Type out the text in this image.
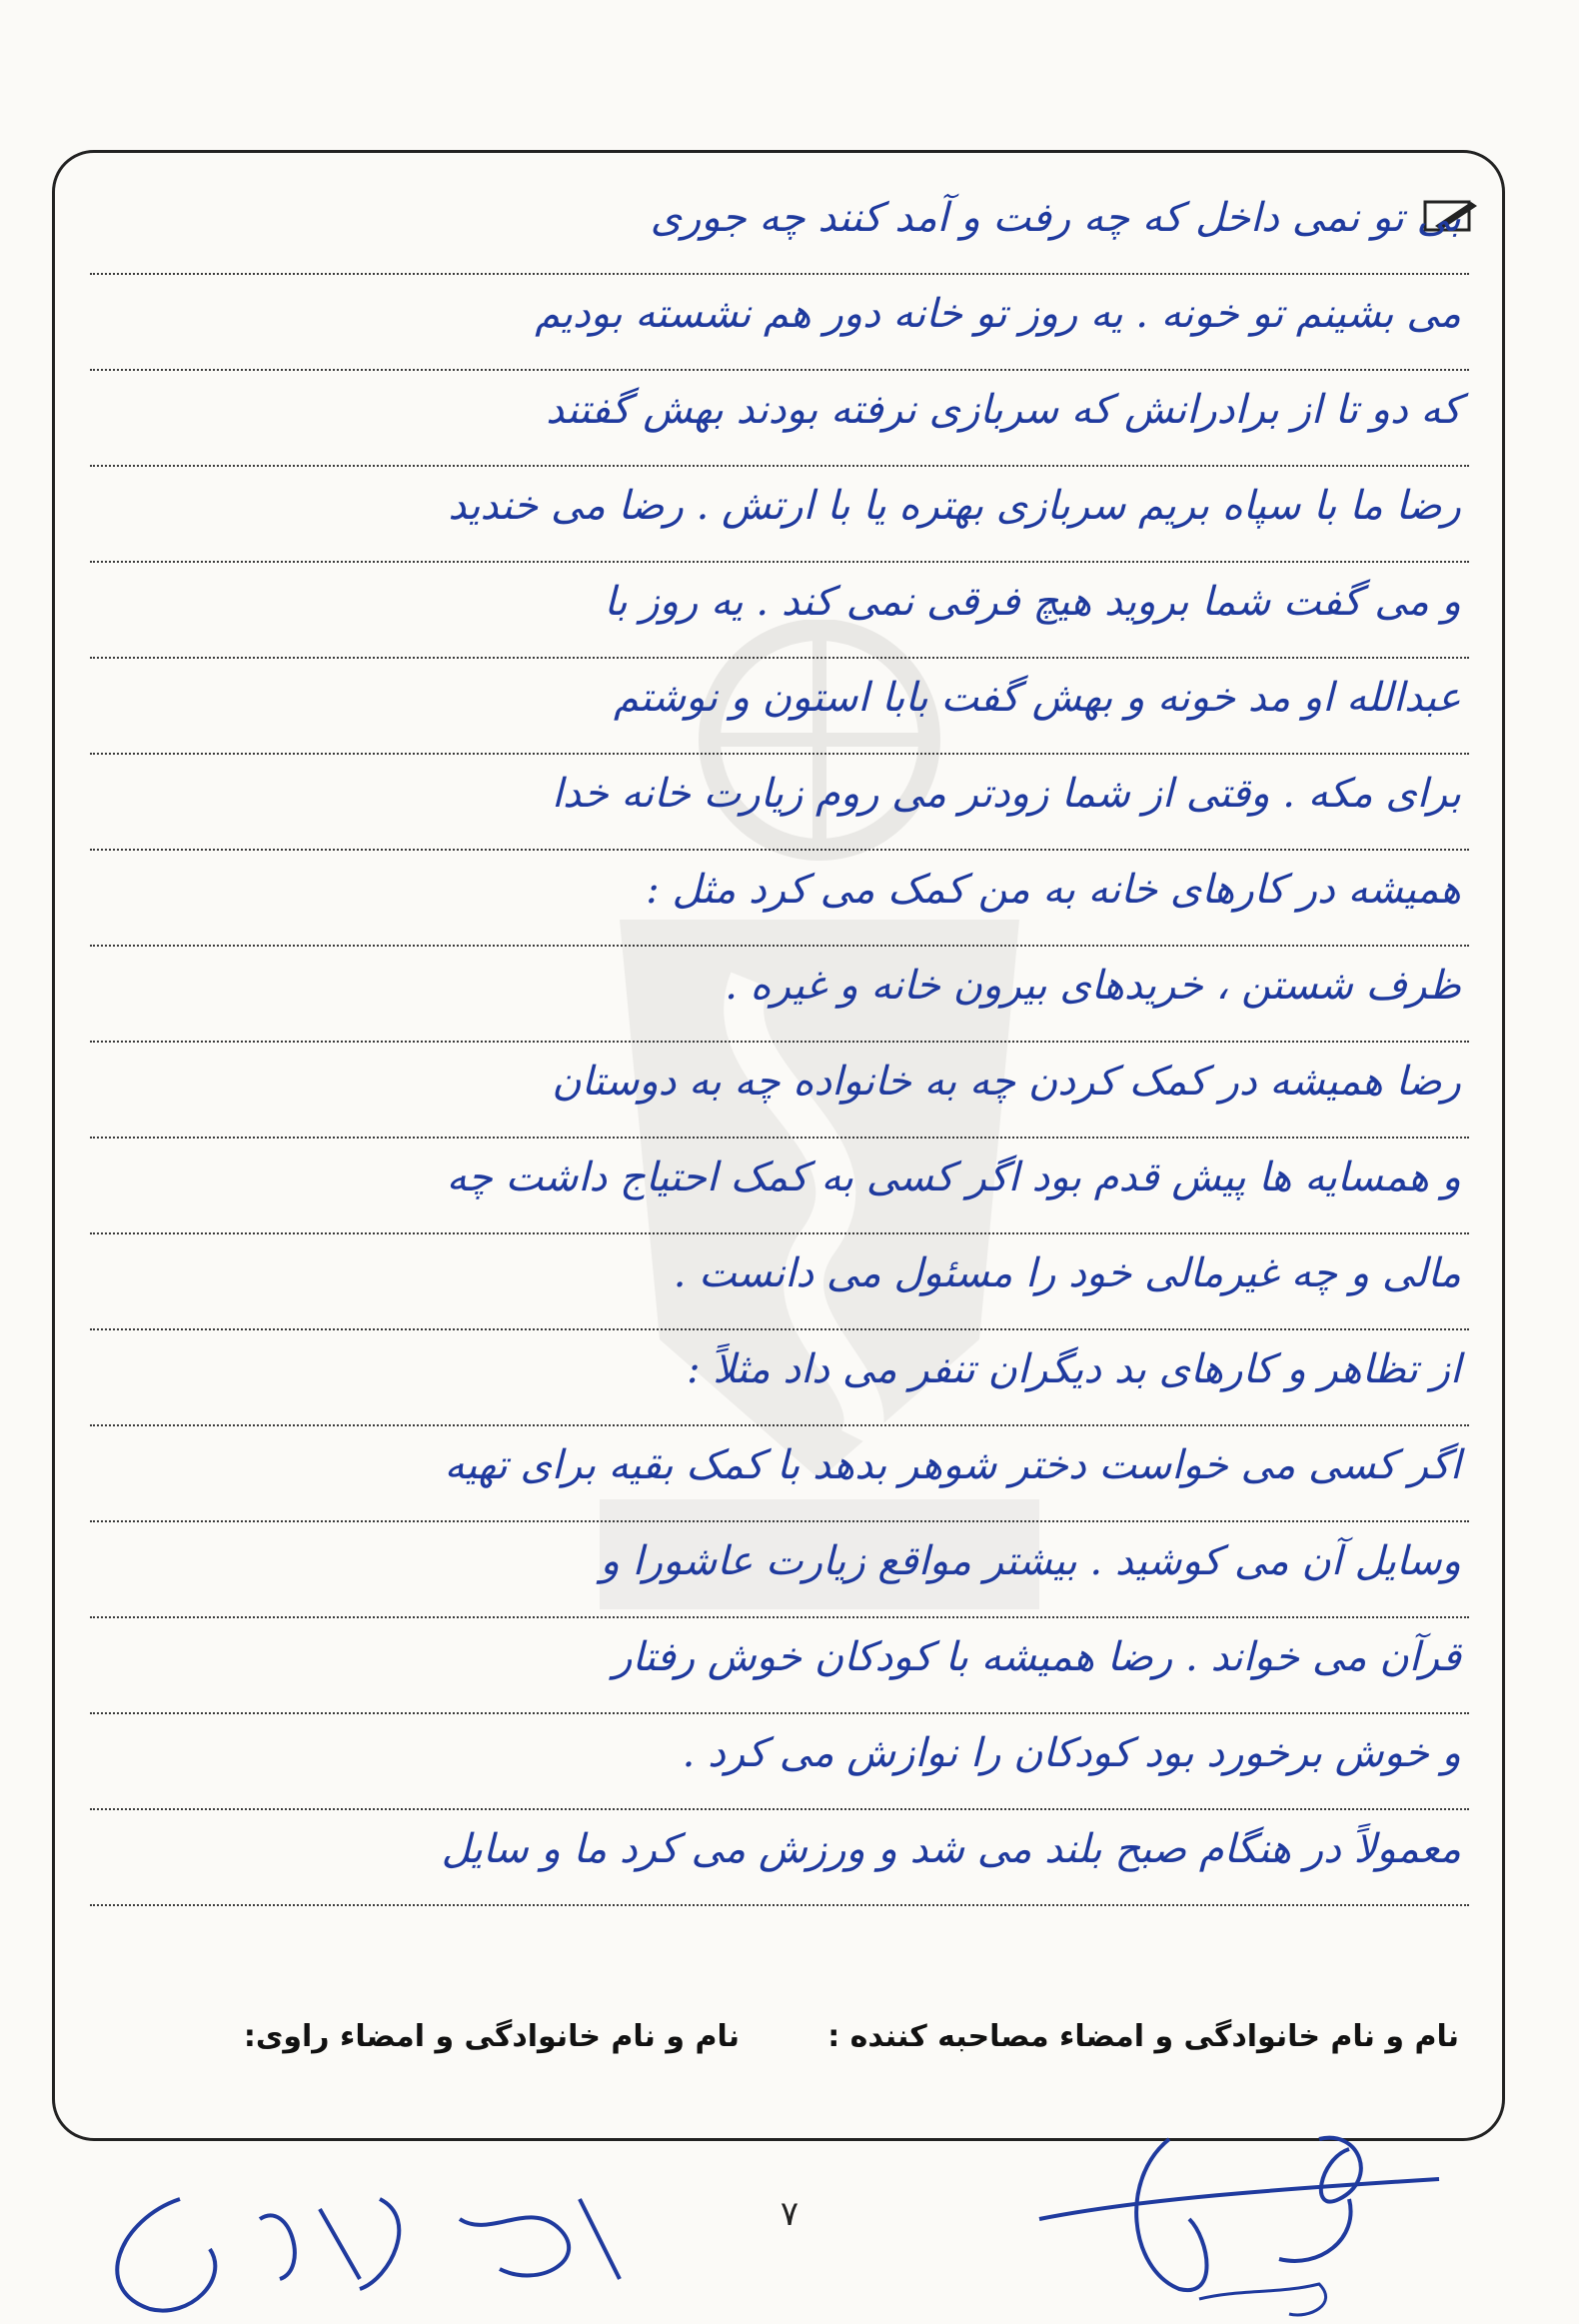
بی تو نمی داخل که چه رفت و آمد کنند چه جوری
می بشینم تو خونه . یه روز تو خانه دور هم نشسته بودیم
که دو تا از برادرانش که سربازی نرفته بودند بهش گفتند
رضا ما با سپاه بریم سربازی بهتره یا با ارتش . رضا می خندید
و می گفت شما بروید هیچ فرقی نمی کند . یه روز با
عبدالله او مد خونه و بهش گفت بابا استون و نوشتم
برای مکه . وقتی از شما زودتر می روم زیارت خانه خدا
همیشه در کارهای خانه به من کمک می کرد مثل :
ظرف شستن ، خریدهای بیرون خانه و غیره .
رضا همیشه در کمک کردن چه به خانواده چه به دوستان
و همسایه ها پیش قدم بود اگر کسی به کمک احتیاج داشت چه
مالی و چه غیرمالی خود را مسئول می دانست .
از تظاهر و کارهای بد دیگران تنفر می داد مثلاً :
اگر کسی می خواست دختر شوهر بدهد با کمک بقیه برای تهیه
وسایل آن می کوشید . بیشتر مواقع زیارت عاشورا و
قرآن می خواند . رضا همیشه با کودکان خوش رفتار
و خوش برخورد بود کودکان را نوازش می کرد .
معمولاً در هنگام صبح بلند می شد و ورزش می کرد ما و سایل
نام و نام خانوادگی و امضاء مصاحبه کننده :
نام و نام خانوادگی و امضاء راوی:
۷
